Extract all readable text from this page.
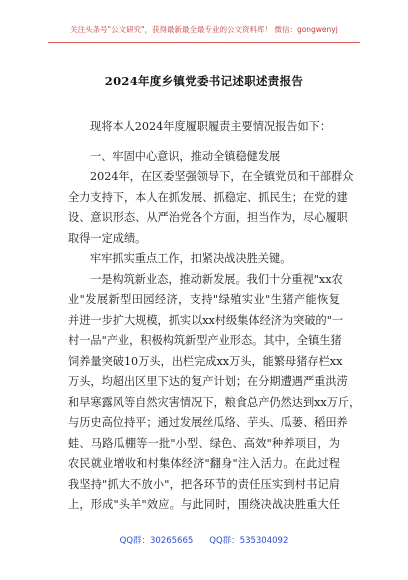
关注头条号"公文研究"，获得最新最全最专业的公文资料库！ 微信：gongwenyj
2024年度乡镇党委书记述职述责报告
现将本人2024年度履职履责主要情况报告如下：
一、牢固中心意识，推动全镇稳健发展
2024年，在区委坚强领导下，在全镇党员和干部群众
全力支持下，本人在抓发展、抓稳定、抓民生；在党的建
设、意识形态、从严治党各个方面，担当作为，尽心履职
取得一定成绩。
牢牢抓实重点工作，扣紧决战决胜关键。
一是构筑新业态，推动新发展。我们十分重视"xx农
业"发展新型田园经济，支持"绿殖实业"生猪产能恢复
并进一步扩大规模，抓实以xx村级集体经济为突破的"一
村一品"产业，积极构筑新型产业形态。其中，全镇生猪
饲养量突破10万头，出栏完成xx万头，能繁母猪存栏xx
万头，均超出区里下达的复产计划；在分期遭遇严重洪涝
和早寒露风等自然灾害情况下，粮食总产仍然达到xx万斤，
与历史高位持平；通过发展丝瓜络、芋头、瓜蒌、稻田养
蛙、马路瓜棚等一批"小型、绿色、高效"种养项目，为
农民就业增收和村集体经济"翻身"注入活力。在此过程
我坚持"抓大不放小"，把各环节的责任压实到村书记肩
上，形成"头羊"效应。与此同时，围绕决战决胜重大任
QQ群：30265665 QQ群：535304092
